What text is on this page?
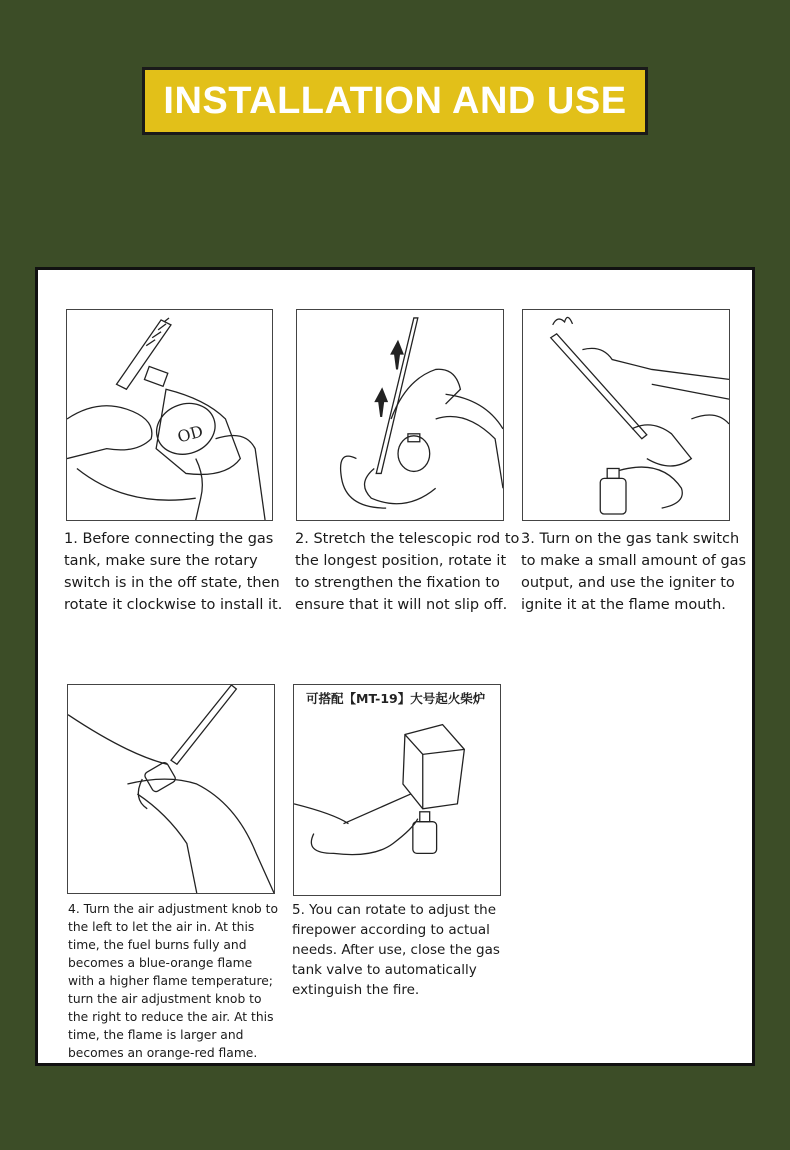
INSTALLATION AND USE
OD
1. Before connecting the gas tank, make sure the rotary switch is in the off state, then rotate it clockwise to install it.
2. Stretch the telescopic rod to the longest position, rotate it to strengthen the fixation to ensure that it will not slip off.
3. Turn on the gas tank switch to make a small amount of gas output, and use the igniter to ignite it at the flame mouth.
4. Turn the air adjustment knob to the left to let the air in. At this time, the fuel burns fully and becomes a blue-orange flame with a higher flame temperature; turn the air adjustment knob to the right to reduce the air. At this time, the flame is larger and becomes an orange-red flame.
可搭配【MT-19】大号起火柴炉
5. You can rotate to adjust the firepower according to actual needs. After use, close the gas tank valve to automatically extinguish the fire.
